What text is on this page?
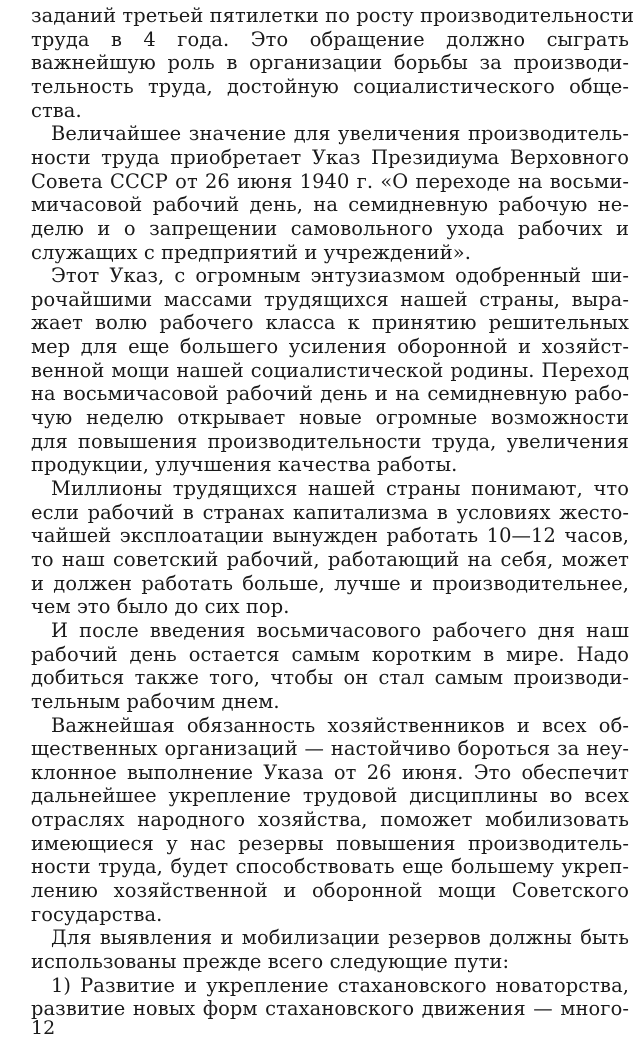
заданий третьей пятилетки по росту производительности

труда в 4 года. Это обращение должно сыграть

важнейшую роль в организации борьбы за производи-

тельность труда, достойную социалистического обще-

ства.

Величайшее значение для увеличения производитель-

ности труда приобретает Указ Президиума Верховного

Совета СССР от 26 июня 1940 г. «О переходе на восьми-

мичасовой рабочий день, на семидневную рабочую не-

делю и о запрещении самовольного ухода рабочих и

служащих с предприятий и учреждений».

Этот Указ, с огромным энтузиазмом одобренный ши-

рочайшими массами трудящихся нашей страны, выра-

жает волю рабочего класса к принятию решительных

мер для еще большего усиления оборонной и хозяйст-

венной мощи нашей социалистической родины. Переход

на восьмичасовой рабочий день и на семидневную рабо-

чую неделю открывает новые огромные возможности

для повышения производительности труда, увеличения

продукции, улучшения качества работы.

Миллионы трудящихся нашей страны понимают, что

если рабочий в странах капитализма в условиях жесто-

чайшей эксплоатации вынужден работать 10—12 часов,

то наш советский рабочий, работающий на себя, может

и должен работать больше, лучше и производительнее,

чем это было до сих пор.

И после введения восьмичасового рабочего дня наш

рабочий день остается самым коротким в мире. Надо

добиться также того, чтобы он стал самым производи-

тельным рабочим днем.

Важнейшая обязанность хозяйственников и всех об-

щественных организаций — настойчиво бороться за неу-

клонное выполнение Указа от 26 июня. Это обеспечит

дальнейшее укрепление трудовой дисциплины во всех

отраслях народного хозяйства, поможет мобилизовать

имеющиеся у нас резервы повышения производитель-

ности труда, будет способствовать еще большему укреп-

лению хозяйственной и оборонной мощи Советского

государства.

Для выявления и мобилизации резервов должны быть

использованы прежде всего следующие пути:

1) Развитие и укрепление стахановского новаторства,

развитие новых форм стахановского движения — много-

12
